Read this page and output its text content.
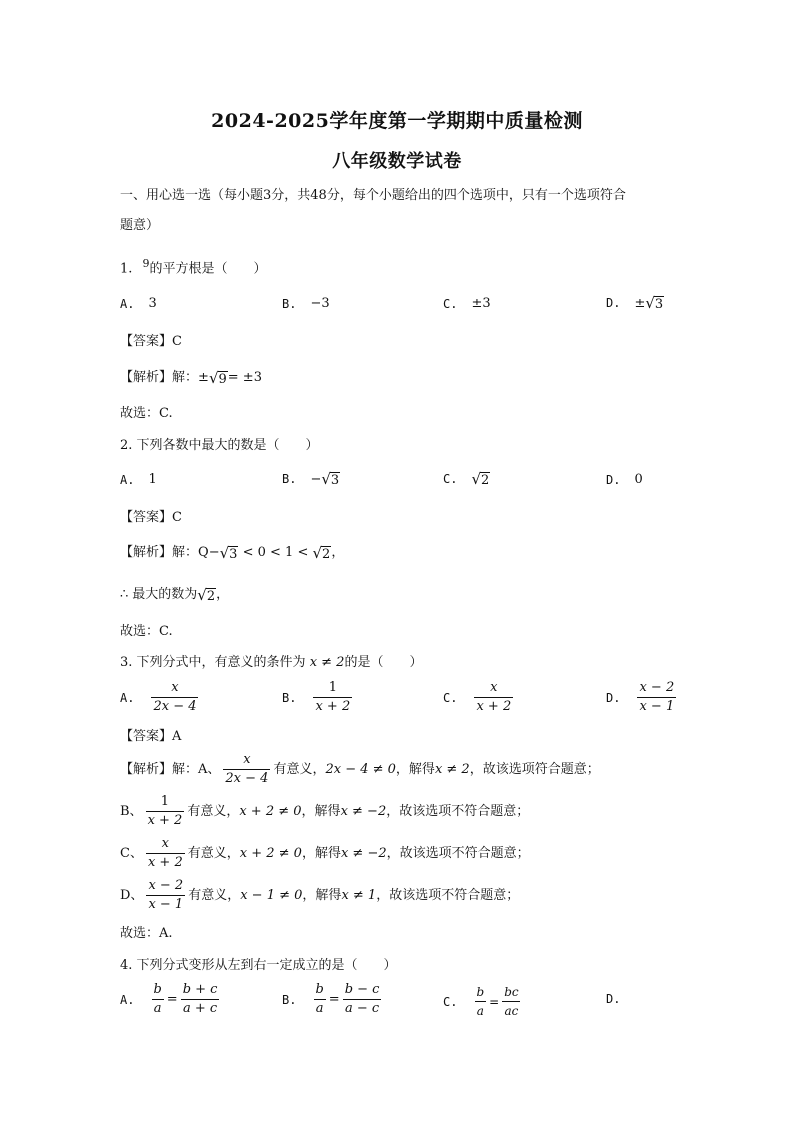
2024-2025学年度第一学期期中质量检测
八年级数学试卷
一、用心选一选（每小题3分，共48分，每个小题给出的四个选项中，只有一个选项符合
题意）
1. $^9$的平方根是（　　）
A. 3	B. −3	C. ±3	D. ± √ 3
【答案】C
【解析】 解： ± √ 9 = ±3
故选：C.
2. 下列各数中最大的数是（　　）
A. 1	B. − √ 3	C. √ 2	D. 0
【答案】C
【解析】 解： Q − √ 3 < 0 < 1 < √ 2 ，
∴ 最大的数为 √ 2 ，
故选：C.
3. 下列分式中，有意义的条件为 x ≠ 2的是（　　）
A. $\frac{x}{2x - 4}$	B. $\frac{1}{x + 2}$	C. $\frac{x}{x + 2}$	D. $\frac{x - 2}{x - 1}$
【答案】A
【解析】 解：A、 $\frac{x}{2x - 4}$ 有意义， 2x − 4 ≠ 0 ，解得 x ≠ 2 ，故该选项符合题意；
B、 $\frac{1}{x + 2}$ 有意义， x + 2 ≠ 0 ，解得 x ≠ −2 ，故该选项不符合题意；
C、 $\frac{x}{x + 2}$ 有意义， x + 2 ≠ 0 ，解得 x ≠ −2 ，故该选项不符合题意；
D、 $\frac{x - 2}{x - 1}$ 有意义， x − 1 ≠ 0 ，解得 x ≠ 1 ，故该选项不符合题意；
故选：A.
4. 下列分式变形从左到右一定成立的是（　　）
A. $\frac{b}{a} = \frac{b + c}{a + c}$	B. $\frac{b}{a} = \frac{b - c}{a - c}$	C. $\frac{b}{a} = \frac{bc}{ac}$	D.
